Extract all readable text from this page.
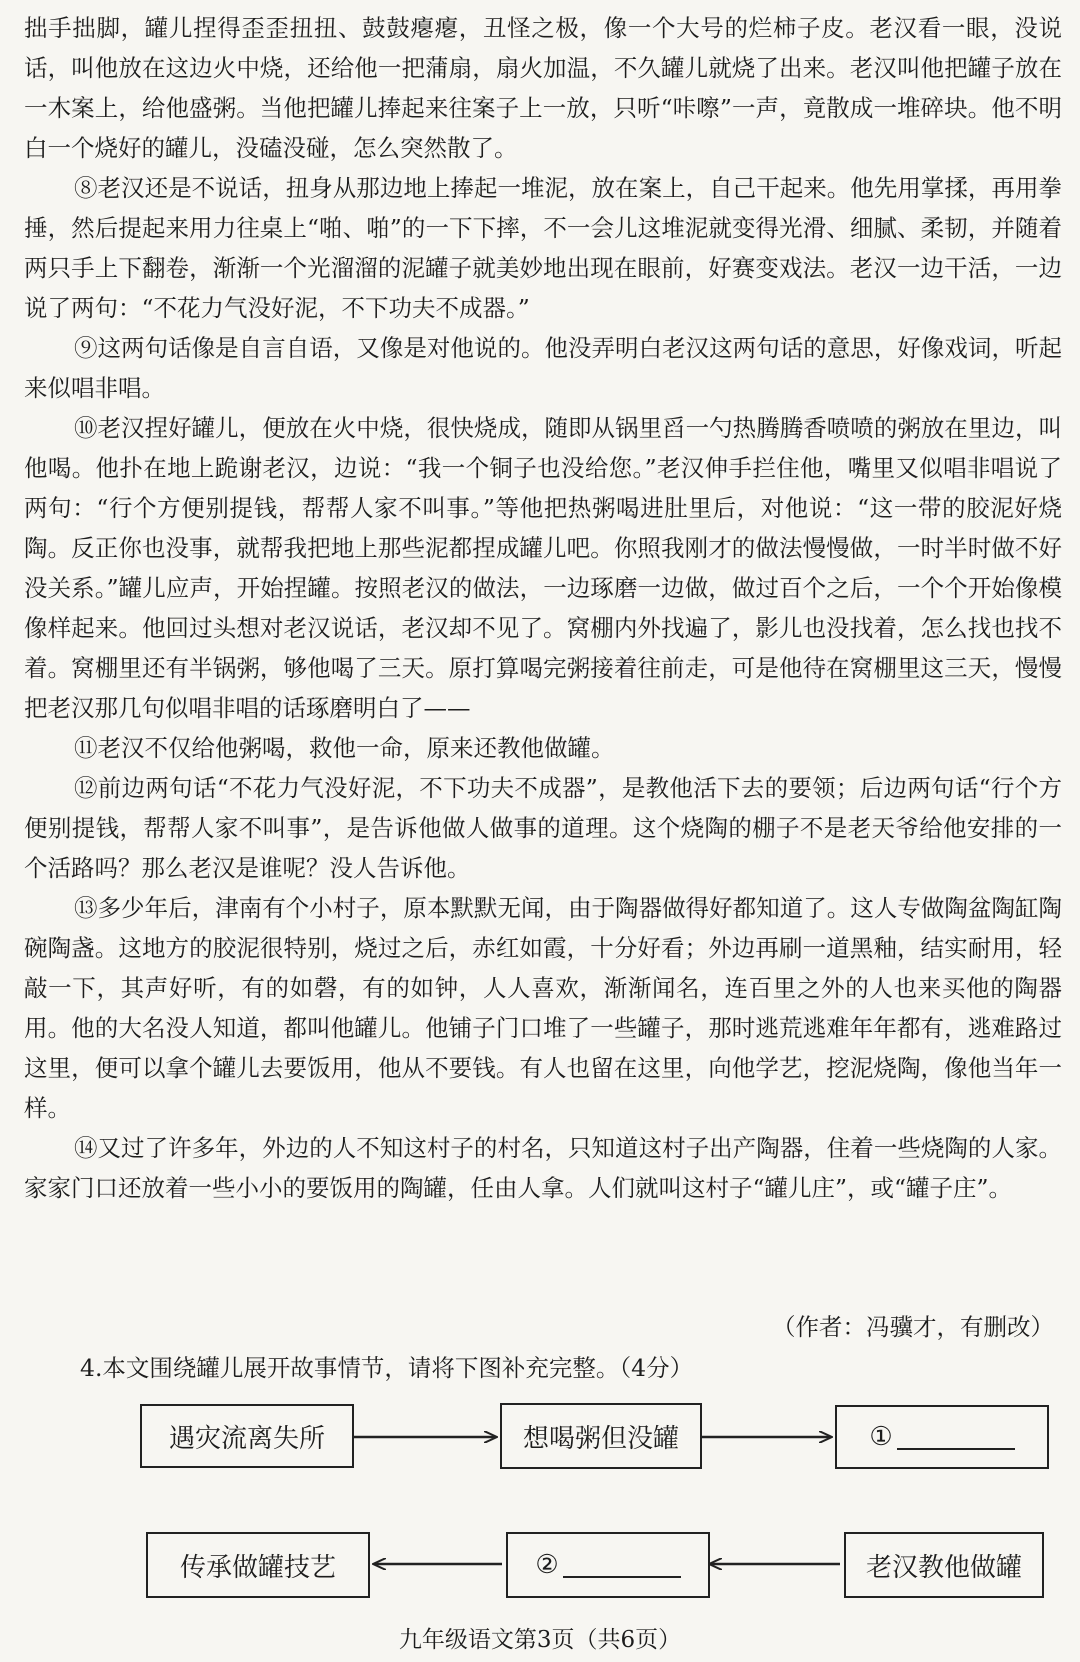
拙手拙脚，罐儿捏得歪歪扭扭、鼓鼓瘪瘪，丑怪之极，像一个大号的烂柿子皮。老汉看一眼，没说话，叫他放在这边火中烧，还给他一把蒲扇，扇火加温，不久罐儿就烧了出来。老汉叫他把罐子放在一木案上，给他盛粥。当他把罐儿捧起来往案子上一放，只听“咔嚓”一声，竟散成一堆碎块。他不明白一个烧好的罐儿，没磕没碰，怎么突然散了。

⑧老汉还是不说话，扭身从那边地上捧起一堆泥，放在案上，自己干起来。他先用掌揉，再用拳捶，然后提起来用力往桌上“啪、啪”的一下下摔，不一会儿这堆泥就变得光滑、细腻、柔韧，并随着两只手上下翻卷，渐渐一个光溜溜的泥罐子就美妙地出现在眼前，好赛变戏法。老汉一边干活，一边说了两句：“不花力气没好泥，不下功夫不成器。”

⑨这两句话像是自言自语，又像是对他说的。他没弄明白老汉这两句话的意思，好像戏词，听起来似唱非唱。

⑩老汉捏好罐儿，便放在火中烧，很快烧成，随即从锅里舀一勺热腾腾香喷喷的粥放在里边，叫他喝。他扑在地上跪谢老汉，边说：“我一个铜子也没给您。”老汉伸手拦住他，嘴里又似唱非唱说了两句：“行个方便别提钱，帮帮人家不叫事。”等他把热粥喝进肚里后，对他说：“这一带的胶泥好烧陶。反正你也没事，就帮我把地上那些泥都捏成罐儿吧。你照我刚才的做法慢慢做，一时半时做不好没关系。”罐儿应声，开始捏罐。按照老汉的做法，一边琢磨一边做，做过百个之后，一个个开始像模像样起来。他回过头想对老汉说话，老汉却不见了。窝棚内外找遍了，影儿也没找着，怎么找也找不着。窝棚里还有半锅粥，够他喝了三天。原打算喝完粥接着往前走，可是他待在窝棚里这三天，慢慢把老汉那几句似唱非唱的话琢磨明白了——

⑪老汉不仅给他粥喝，救他一命，原来还教他做罐。

⑫前边两句话“不花力气没好泥，不下功夫不成器”，是教他活下去的要领；后边两句话“行个方便别提钱，帮帮人家不叫事”，是告诉他做人做事的道理。这个烧陶的棚子不是老天爷给他安排的一个活路吗？那么老汉是谁呢？没人告诉他。

⑬多少年后，津南有个小村子，原本默默无闻，由于陶器做得好都知道了。这人专做陶盆陶缸陶碗陶盏。这地方的胶泥很特别，烧过之后，赤红如霞，十分好看；外边再刷一道黑釉，结实耐用，轻敲一下，其声好听，有的如磬，有的如钟，人人喜欢，渐渐闻名，连百里之外的人也来买他的陶器用。他的大名没人知道，都叫他罐儿。他铺子门口堆了一些罐子，那时逃荒逃难年年都有，逃难路过这里，便可以拿个罐儿去要饭用，他从不要钱。有人也留在这里，向他学艺，挖泥烧陶，像他当年一样。

⑭又过了许多年，外边的人不知这村子的村名，只知道这村子出产陶器，住着一些烧陶的人家。家家门口还放着一些小小的要饭用的陶罐，任由人拿。人们就叫这村子“罐儿庄”，或“罐子庄”。

（作者：冯骥才，有删改）
4.本文围绕罐儿展开故事情节，请将下图补充完整。（4分）
遇灾流离失所	想喝粥但没罐	①
老汉教他做罐
②
传承做罐技艺
九年级语文第3页（共6页）
